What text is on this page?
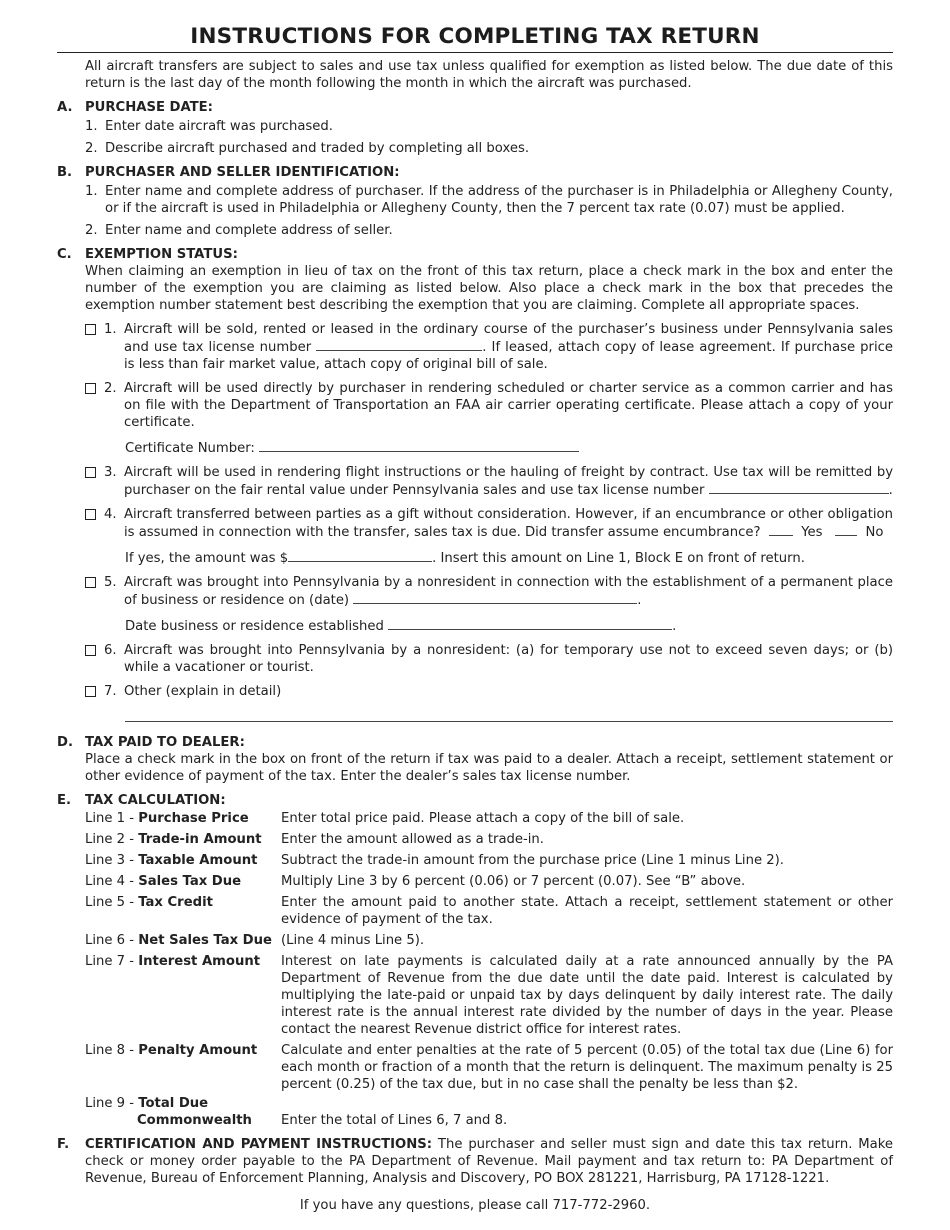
INSTRUCTIONS FOR COMPLETING TAX RETURN

All aircraft transfers are subject to sales and use tax unless qualified for exemption as listed below. The due date of this return is the last day of the month following the month in which the aircraft was purchased.

A. PURCHASE DATE:
1. Enter date aircraft was purchased.
2. Describe aircraft purchased and traded by completing all boxes.
B. PURCHASER AND SELLER IDENTIFICATION:
1. Enter name and complete address of purchaser. If the address of the purchaser is in Philadelphia or Allegheny County, or if the aircraft is used in Philadelphia or Allegheny County, then the 7 percent tax rate (0.07) must be applied.
2. Enter name and complete address of seller.
C. EXEMPTION STATUS:

When claiming an exemption in lieu of tax on the front of this tax return, place a check mark in the box and enter the number of the exemption you are claiming as listed below. Also place a check mark in the box that precedes the exemption number statement best describing the exemption that you are claiming. Complete all appropriate spaces.

1. Aircraft will be sold, rented or leased in the ordinary course of the purchaser’s business under Pennsylvania sales and use tax license number	. If leased, attach copy of lease agreement. If purchase price is less than fair market value, attach copy of original bill of sale.
2. Aircraft will be used directly by purchaser in rendering scheduled or charter service as a common carrier and has on file with the Department of Transportation an FAA air carrier operating certificate. Please attach a copy of your certificate.
Certificate Number:
3. Aircraft will be used in rendering flight instructions or the hauling of freight by contract. Use tax will be remitted by purchaser on the fair rental value under Pennsylvania sales and use tax license number	.
4. Aircraft transferred between parties as a gift without consideration. However, if an encumbrance or other obligation is assumed in connection with the transfer, sales tax is due. Did transfer assume encumbrance?	Yes	No
If yes, the amount was $	. Insert this amount on Line 1, Block E on front of return.
5. Aircraft was brought into Pennsylvania by a nonresident in connection with the establishment of a permanent place of business or residence on (date)	.
Date business or residence established	.
6. Aircraft was brought into Pennsylvania by a nonresident: (a) for temporary use not to exceed seven days; or (b) while a vacationer or tourist.
7. Other (explain in detail)
D. TAX PAID TO DEALER:

Place a check mark in the box on front of the return if tax was paid to a dealer. Attach a receipt, settlement statement or other evidence of payment of the tax. Enter the dealer’s sales tax license number.

E. TAX CALCULATION:
Line 1 - Purchase Price	Enter total price paid. Please attach a copy of the bill of sale.
Line 2 - Trade-in Amount	Enter the amount allowed as a trade-in.
Line 3 - Taxable Amount	Subtract the trade-in amount from the purchase price (Line 1 minus Line 2).
Line 4 - Sales Tax Due	Multiply Line 3 by 6 percent (0.06) or 7 percent (0.07). See “B” above.
Line 5 - Tax Credit	Enter the amount paid to another state. Attach a receipt, settlement statement or other evidence of payment of the tax.
Line 6 - Net Sales Tax Due (Line 4 minus Line 5).
Line 7 - Interest Amount	Interest on late payments is calculated daily at a rate announced annually by the PA Department of Revenue from the due date until the date paid. Interest is calculated by multiplying the late-paid or unpaid tax by days delinquent by daily interest rate. The daily interest rate is the annual interest rate divided by the number of days in the year. Please contact the nearest Revenue district office for interest rates.
Line 8 - Penalty Amount	Calculate and enter penalties at the rate of 5 percent (0.05) of the total tax due (Line 6) for each month or fraction of a month that the return is delinquent. The maximum penalty is 25 percent (0.25) of the tax due, but in no case shall the penalty be less than $2.
Line 9 - Total Due
Commonwealth	Enter the total of Lines 6, 7 and 8.
F. CERTIFICATION AND PAYMENT INSTRUCTIONS: The purchaser and seller must sign and date this tax return. Make check or money order payable to the PA Department of Revenue. Mail payment and tax return to: PA Department of Revenue, Bureau of Enforcement Planning, Analysis and Discovery, PO BOX 281221, Harrisburg, PA 17128-1221.

If you have any questions, please call 717-772-2960.
